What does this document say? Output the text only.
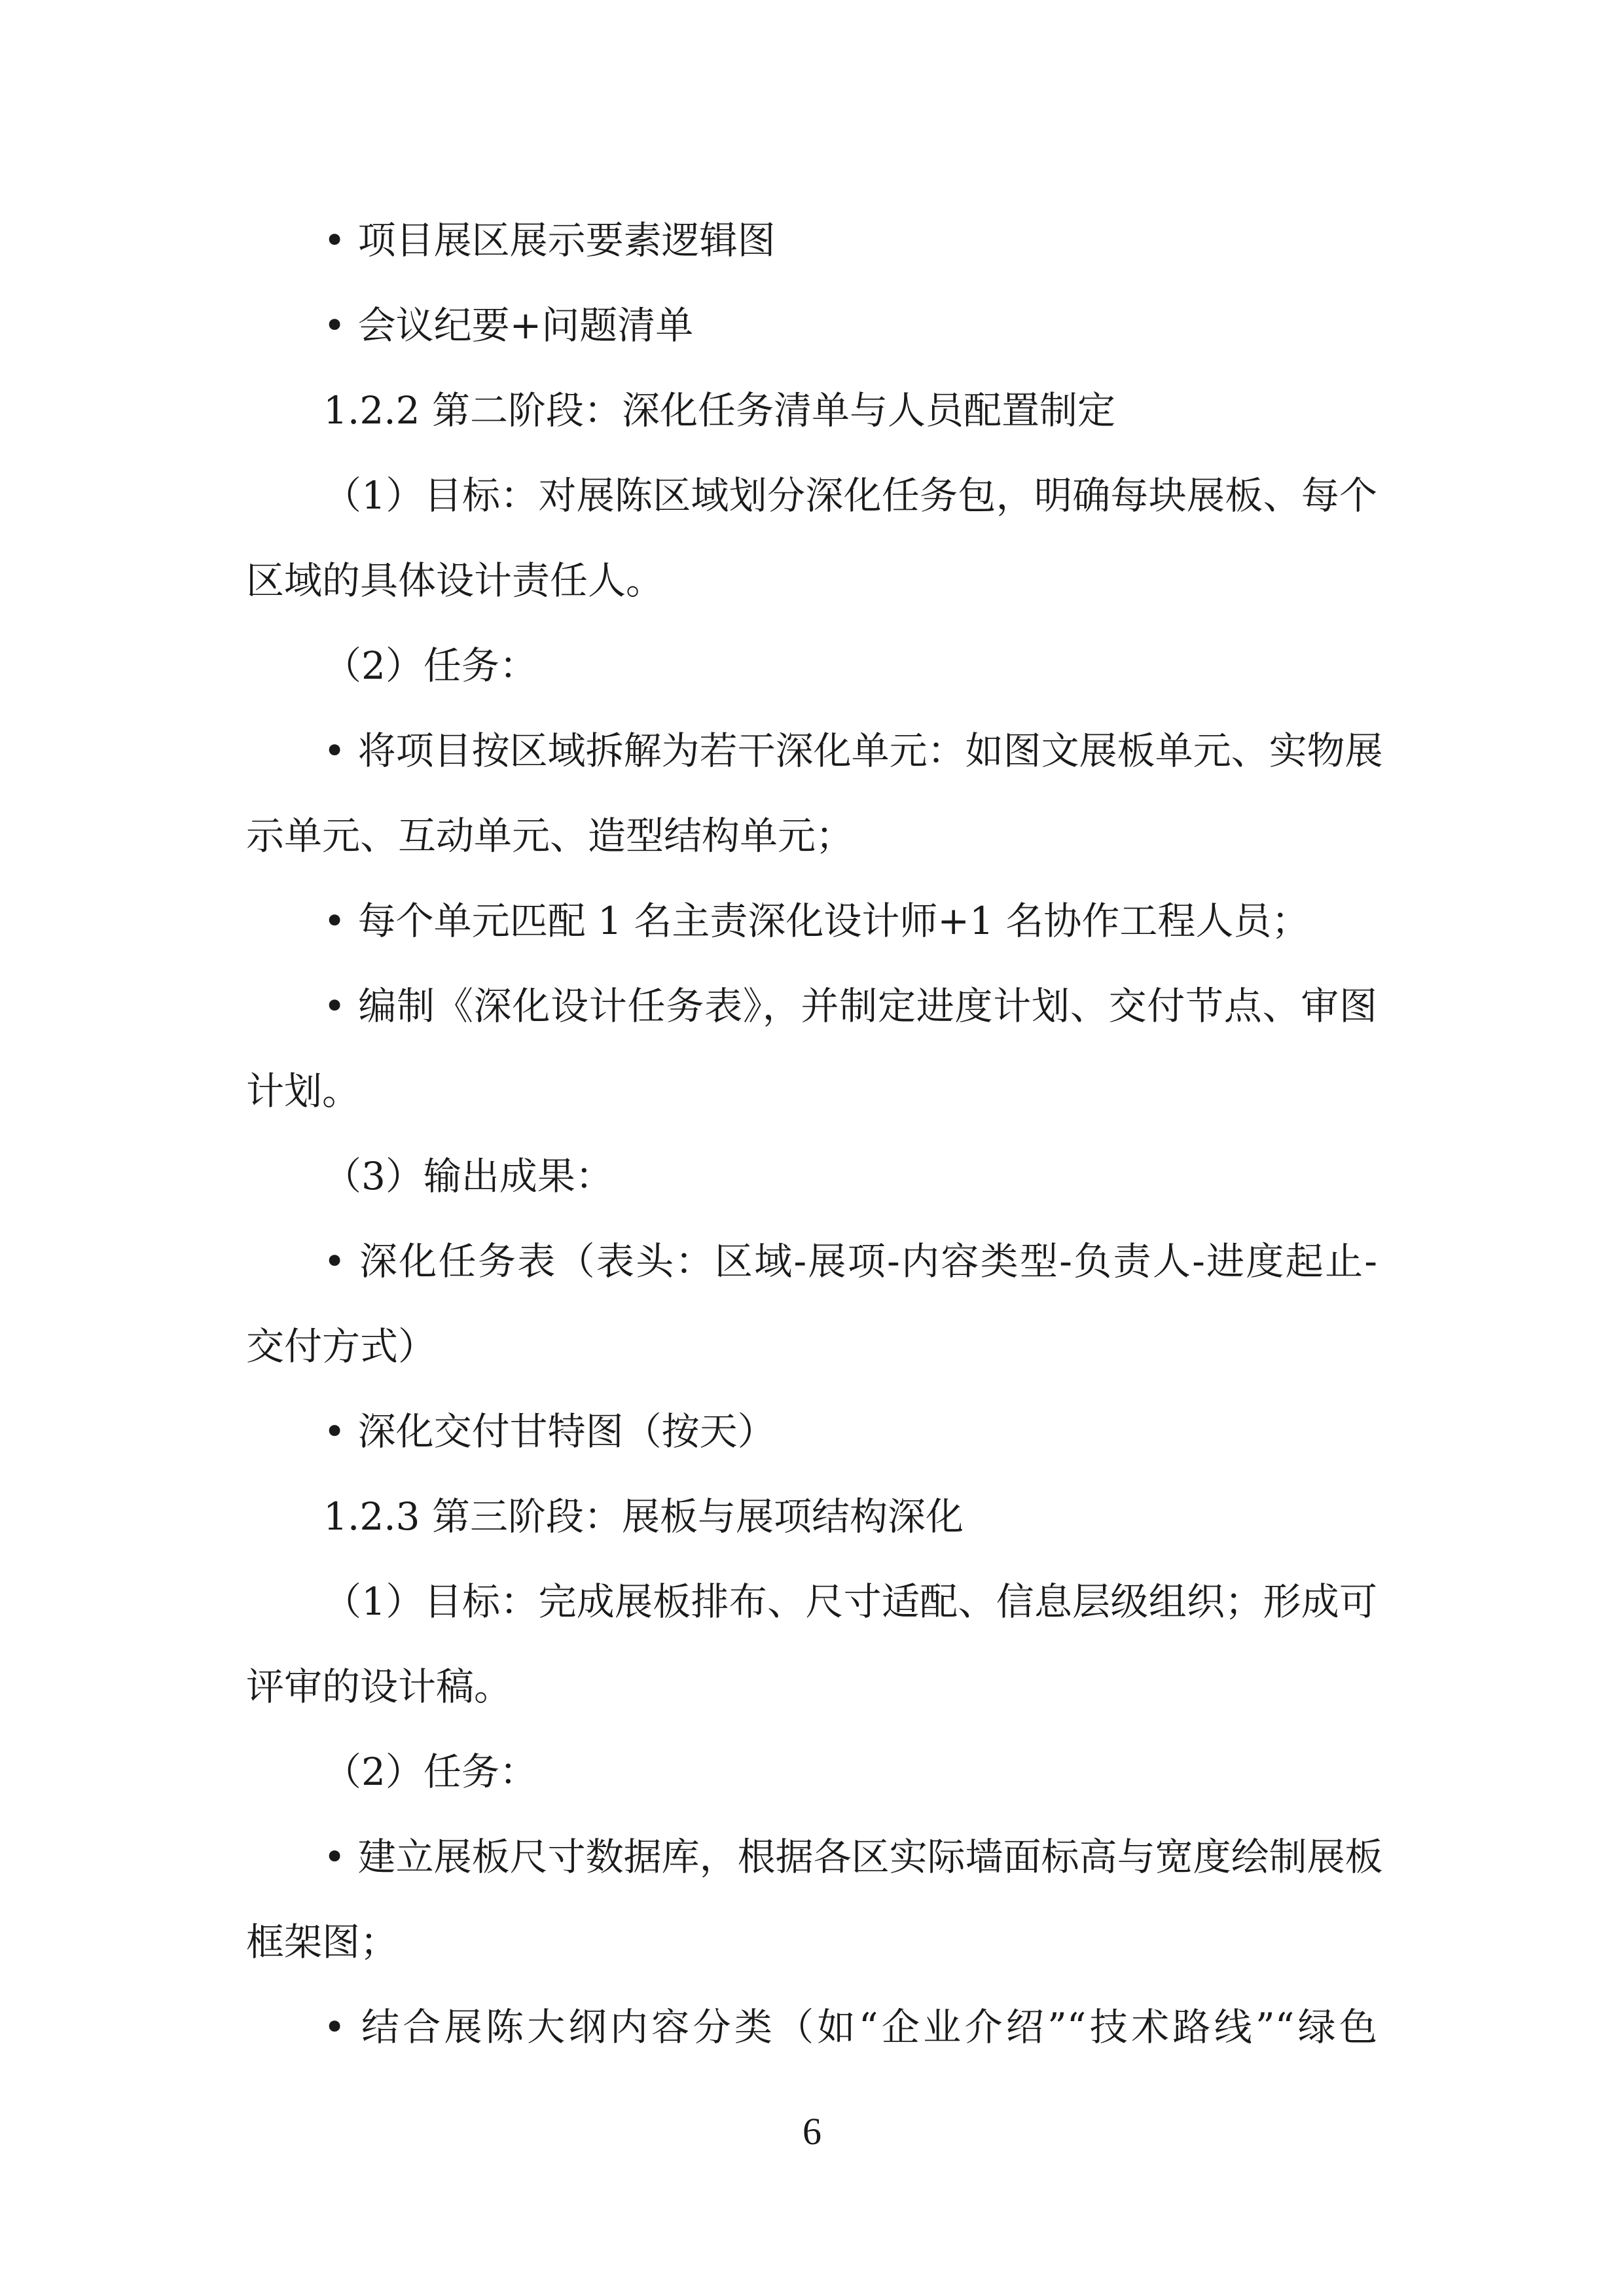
• 项目展区展示要素逻辑图
• 会议纪要+问题清单
1.2.2 第二阶段：深化任务清单与人员配置制定
（1）目标：对展陈区域划分深化任务包，明确每块展板、每个
区域的具体设计责任人。
（2）任务：
• 将项目按区域拆解为若干深化单元：如图文展板单元、实物展
示单元、互动单元、造型结构单元；
• 每个单元匹配 1 名主责深化设计师+1 名协作工程人员；
• 编制《深化设计任务表》，并制定进度计划、交付节点、审图
计划。
（3）输出成果：
• 深化任务表（表头：区域-展项-内容类型-负责人-进度起止-
交付方式）
• 深化交付甘特图（按天）
1.2.3 第三阶段：展板与展项结构深化
（1）目标：完成展板排布、尺寸适配、信息层级组织；形成可
评审的设计稿。
（2）任务：
• 建立展板尺寸数据库，根据各区实际墙面标高与宽度绘制展板
框架图；
• 结合展陈大纲内容分类（如“企业介绍”“技术路线”“绿色
6
